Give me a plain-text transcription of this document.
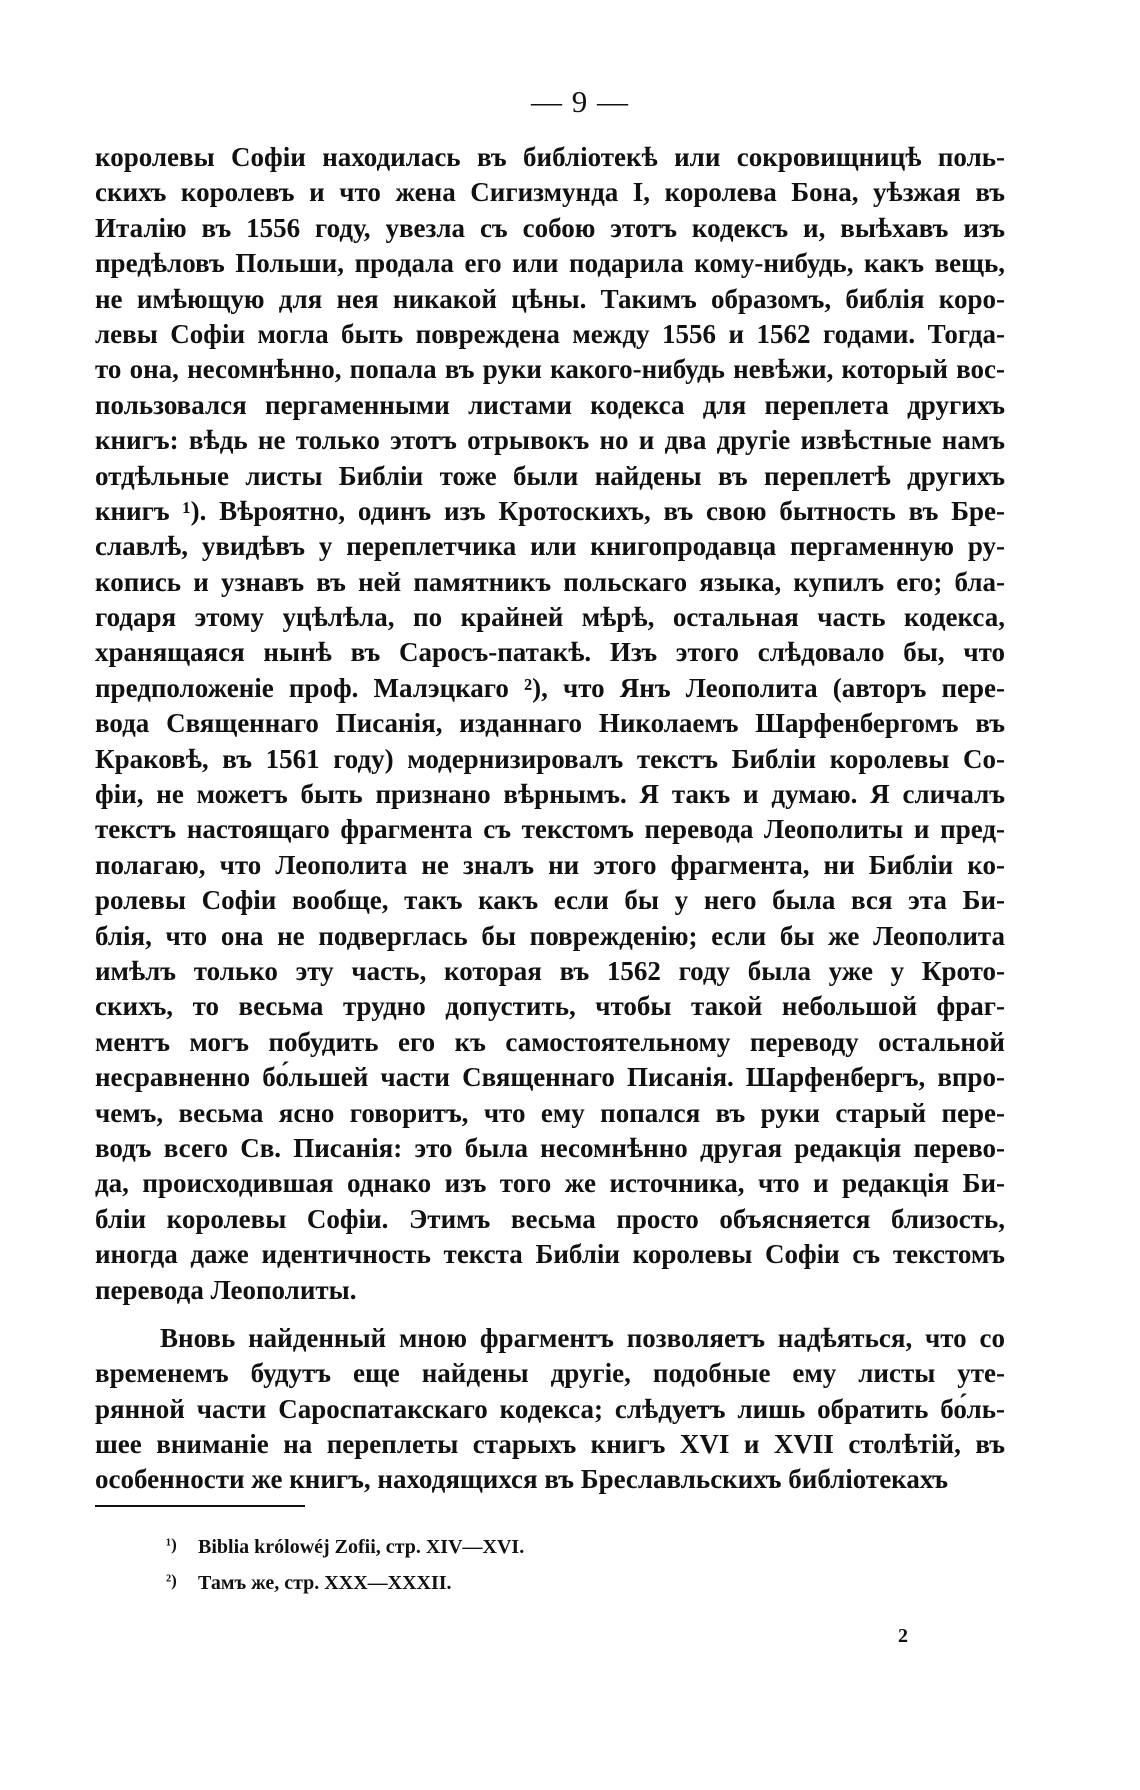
— 9 —
королевы Софіи находилась въ библіотекѣ или сокровищницѣ поль-
скихъ королевъ и что жена Сигизмунда I, королева Бона, уѣзжая въ
Италію въ 1556 году, увезла съ собою этотъ кодексъ и, выѣхавъ изъ
предѣловъ Польши, продала его или подарила кому-нибудь, какъ вещь,
не имѣющую для нея никакой цѣны. Такимъ образомъ, библія коро-
левы Софіи могла быть повреждена между 1556 и 1562 годами. Тогда-
то она, несомнѣнно, попала въ руки какого-нибудь невѣжи, который вос-
пользовался пергаменными листами кодекса для переплета другихъ
книгъ: вѣдь не только этотъ отрывокъ но и два другіе извѣстные намъ
отдѣльные листы Библіи тоже были найдены въ переплетѣ другихъ
книгъ ¹). Вѣроятно, одинъ изъ Кротоскихъ, въ свою бытность въ Бре-
славлѣ, увидѣвъ у переплетчика или книгопродавца пергаменную ру-
копись и узнавъ въ ней памятникъ польскаго языка, купилъ его; бла-
годаря этому уцѣлѣла, по крайней мѣрѣ, остальная часть кодекса,
хранящаяся нынѣ въ Саросъ-патакѣ. Изъ этого слѣдовало бы, что
предположеніе проф. Малэцкаго ²), что Янъ Леополита (авторъ пере-
вода Священнаго Писанія, изданнаго Николаемъ Шарфенбергомъ въ
Краковѣ, въ 1561 году) модернизировалъ текстъ Библіи королевы Со-
фіи, не можетъ быть признано вѣрнымъ. Я такъ и думаю. Я сличалъ
текстъ настоящаго фрагмента съ текстомъ перевода Леополиты и пред-
полагаю, что Леополита не зналъ ни этого фрагмента, ни Библіи ко-
ролевы Софіи вообще, такъ какъ если бы у него была вся эта Би-
блія, что она не подверглась бы поврежденію; если бы же Леополита
имѣлъ только эту часть, которая въ 1562 году была уже у Крото-
скихъ, то весьма трудно допустить, чтобы такой небольшой фраг-
ментъ могъ побудить его къ самостоятельному переводу остальной
несравненно бо́льшей части Священнаго Писанія. Шарфенбергъ, впро-
чемъ, весьма ясно говоритъ, что ему попался въ руки старый пере-
водъ всего Св. Писанія: это была несомнѣнно другая редакція перево-
да, происходившая однако изъ того же источника, что и редакція Би-
бліи королевы Софіи. Этимъ весьма просто объясняется близость,
иногда даже идентичность текста Библіи королевы Софіи съ текстомъ
перевода Леополиты.
Вновь найденный мною фрагментъ позволяетъ надѣяться, что со
временемъ будутъ еще найдены другіе, подобные ему листы уте-
рянной части Сароспатакскаго кодекса; слѣдуетъ лишь обратить бо́ль-
шее вниманіе на переплеты старыхъ книгъ XVI и XVII столѣтій, въ
особенности же книгъ, находящихся въ Бреславльскихъ библіотекахъ
¹) Biblia królowéj Zofii, стр. XIV—XVI.
²) Тамъ же, стр. XXX—XXXII.
2
